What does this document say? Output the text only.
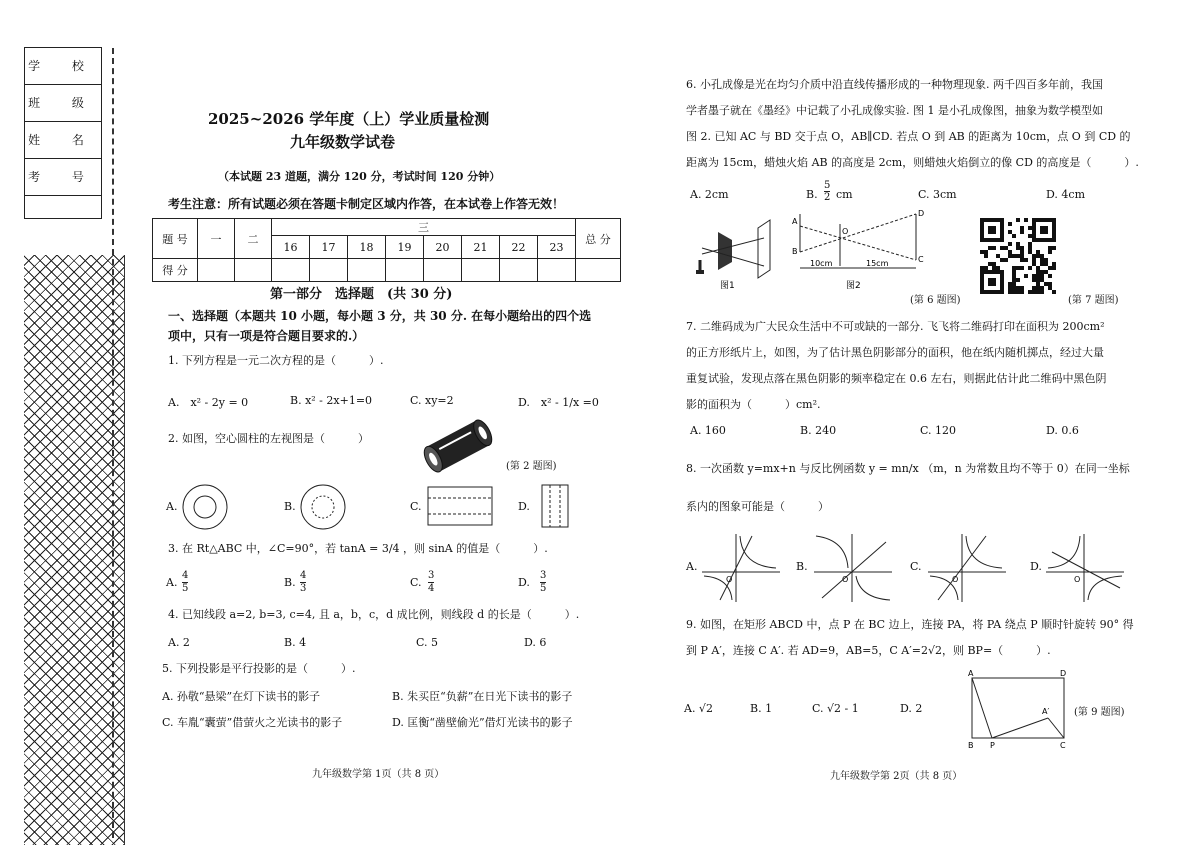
学 校
班 级
姓 名
考 号
2025~2026 学年度（上）学业质量检测
九年级数学试卷
（本试题 23 道题，满分 120 分，考试时间 120 分钟）
考生注意：所有试题必须在答题卡制定区域内作答，在本试卷上作答无效！
题 号	一	二	三								总 分
			16	17	18	19	20	21	22	23	
得 分											
第一部分　选择题　(共 30 分)
一、选择题（本题共 10 小题，每小题 3 分，共 30 分. 在每小题给出的四个选
项中，只有一项是符合题目要求的.）
1. 下列方程是一元二次方程的是（　　　）.
A.　x² - 2y = 0	B. x² - 2x+1=0	C. xy=2	D.　x² - 1/x =0
2. 如图，空心圆柱的左视图是（　　　）
(第 2 题图)
A.	B.	C.	D.
3. 在 Rt△ABC 中，∠C=90°，若 tanA = 3/4 ，则 sinA 的值是（　　　）.
A. $\frac{4}{5}$	B. $\frac{4}{3}$	C. $\frac{3}{4}$	D. $\frac{3}{5}$
4. 已知线段 a=2, b=3, c=4, 且 a，b，c，d 成比例，则线段 d 的长是（　　　）.
A. 2	B. 4	C. 5	D. 6
5. 下列投影是平行投影的是（　　　）.
A. 孙敬“悬梁”在灯下读书的影子	B. 朱买臣“负薪”在日光下读书的影子
C. 车胤“囊萤”借萤火之光读书的影子	D. 匡衡“凿壁偷光”借灯光读书的影子
九年级数学第 1页（共 8 页）
6. 小孔成像是光在均匀介质中沿直线传播形成的一种物理现象. 两千四百多年前，我国
学者墨子就在《墨经》中记载了小孔成像实验. 图 1 是小孔成像图，抽象为数学模型如
图 2. 已知 AC 与 BD 交于点 O，AB∥CD. 若点 O 到 AB 的距离为 10cm，点 O 到 CD 的
距离为 15cm，蜡烛火焰 AB 的高度是 2cm，则蜡烛火焰倒立的像 CD 的高度是（　　　）.
A. 2cm	B. $\frac{5}{2}$ cm	C. 3cm	D. 4cm
图1
O
A
B
D
C
10cm	15cm
图2
(第 6 题图)	(第 7 题图)
7. 二维码成为广大民众生活中不可或缺的一部分. 飞飞将二维码打印在面积为 200cm²
的正方形纸片上，如图，为了估计黑色阴影部分的面积，他在纸内随机掷点，经过大量
重复试验，发现点落在黑色阴影的频率稳定在 0.6 左右，则据此估计此二维码中黑色阴
影的面积为（　　　）cm².
A. 160	B. 240	C. 120	D. 0.6
8. 一次函数 y=mx+n 与反比例函数 y = mn/x （m，n 为常数且均不等于 0）在同一坐标
系内的图象可能是（　　　）
A.	B.	C.	D.
O	O	O	O
9. 如图，在矩形 ABCD 中，点 P 在 BC 边上，连接 PA，将 PA 绕点 P 顺时针旋转 90° 得
到 P A′，连接 C A′. 若 AD=9，AB=5，C A′=2√2，则 BP=（　　　）.
A. √2	B. 1	C. √2 - 1	D. 2
A	D
B P	C
A′ (第 9 题图)
九年级数学第 2页（共 8 页）
